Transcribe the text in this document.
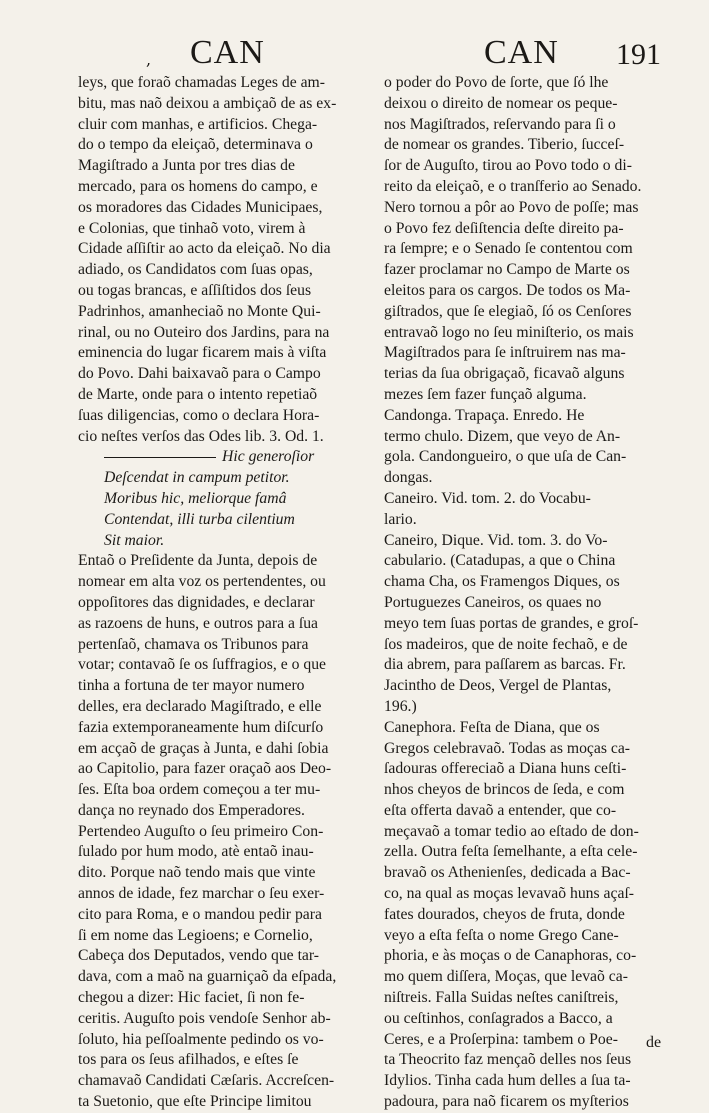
, CAN	CAN 191
leys, que foraõ chamadas Leges de am-
bitu, mas naõ deixou a ambiçaõ de as ex-
cluir com manhas, e artificios. Chega-
do o tempo da eleiçaõ, determinava o
Magiſtrado a Junta por tres dias de
mercado, para os homens do campo, e
os moradores das Cidades Municipaes,
e Colonias, que tinhaõ voto, virem à
Cidade aſſiſtir ao acto da eleiçaõ. No dia
adiado, os Candidatos com ſuas opas,
ou togas brancas, e aſſiſtidos dos ſeus
Padrinhos, amanheciaõ no Monte Qui-
rinal, ou no Outeiro dos Jardins, para na
eminencia do lugar ficarem mais à viſta
do Povo. Dahi baixavaõ para o Campo
de Marte, onde para o intento repetiaõ
ſuas diligencias, como o declara Hora-
cio neſtes verſos das Odes lib. 3. Od. 1.
Hic generoſior
Deſcendat in campum petitor.
Moribus hic, meliorque famâ
Contendat, illi turba cilentium
Sit maior.
Entaõ o Preſidente da Junta, depois de
nomear em alta voz os pertendentes, ou
oppoſitores das dignidades, e declarar
as razoens de huns, e outros para a ſua
pertenſaõ, chamava os Tribunos para
votar; contavaõ ſe os ſuffragios, e o que
tinha a fortuna de ter mayor numero
delles, era declarado Magiſtrado, e elle
fazia extemporaneamente hum diſcurſo
em acçaõ de graças à Junta, e dahi ſobia
ao Capitolio, para fazer oraçaõ aos Deo-
ſes. Eſta boa ordem começou a ter mu-
dança no reynado dos Emperadores.
Pertendeo Auguſto o ſeu primeiro Con-
ſulado por hum modo, atè entaõ inau-
dito. Porque naõ tendo mais que vinte
annos de idade, fez marchar o ſeu exer-
cito para Roma, e o mandou pedir para
ſi em nome das Legioens; e Cornelio,
Cabeça dos Deputados, vendo que tar-
dava, com a maõ na guarniçaõ da eſpada,
chegou a dizer: Hic faciet, ſi non fe-
ceritis. Auguſto pois vendoſe Senhor ab-
ſoluto, hia peſſoalmente pedindo os vo-
tos para os ſeus afilhados, e eſtes ſe
chamavaõ Candidati Cæſaris. Accreſcen-
ta Suetonio, que eſte Principe limitou
o poder do Povo de ſorte, que ſó lhe
deixou o direito de nomear os peque-
nos Magiſtrados, reſervando para ſi o
de nomear os grandes. Tiberio, ſucceſ-
ſor de Auguſto, tirou ao Povo todo o di-
reito da eleiçaõ, e o tranſferio ao Senado.
Nero tornou a pôr ao Povo de poſſe; mas
o Povo fez deſiſtencia deſte direito pa-
ra ſempre; e o Senado ſe contentou com
fazer proclamar no Campo de Marte os
eleitos para os cargos. De todos os Ma-
giſtrados, que ſe elegiaõ, ſó os Cenſores
entravaõ logo no ſeu miniſterio, os mais
Magiſtrados para ſe inſtruirem nas ma-
terias da ſua obrigaçaõ, ficavaõ alguns
mezes ſem fazer funçaõ alguma.
Candonga. Trapaça. Enredo. He
termo chulo. Dizem, que veyo de An-
gola. Candongueiro, o que uſa de Can-
dongas.
Caneiro. Vid. tom. 2. do Vocabu-
lario.
Caneiro, Dique. Vid. tom. 3. do Vo-
cabulario. (Catadupas, a que o China
chama Cha, os Framengos Diques, os
Portuguezes Caneiros, os quaes no
meyo tem ſuas portas de grandes, e groſ-
ſos madeiros, que de noite fechaõ, e de
dia abrem, para paſſarem as barcas. Fr.
Jacintho de Deos, Vergel de Plantas,
196.)
Canephora. Feſta de Diana, que os
Gregos celebravaõ. Todas as moças ca-
ſadouras offereciaõ a Diana huns ceſti-
nhos cheyos de brincos de ſeda, e com
eſta offerta davaõ a entender, que co-
meçavaõ a tomar tedio ao eſtado de don-
zella. Outra feſta ſemelhante, a eſta cele-
bravaõ os Athenienſes, dedicada a Bac-
co, na qual as moças levavaõ huns açaſ-
fates dourados, cheyos de fruta, donde
veyo a eſta feſta o nome Grego Cane-
phoria, e às moças o de Canaphoras, co-
mo quem diſſera, Moças, que levaõ ca-
niſtreis. Falla Suidas neſtes caniſtreis,
ou ceſtinhos, conſagrados a Bacco, a
Ceres, e a Proſerpina: tambem o Poe-
ta Theocrito faz mençaõ delles nos ſeus
Idylios. Tinha cada hum delles a ſua ta-
padoura, para naõ ficarem os myſterios
de
